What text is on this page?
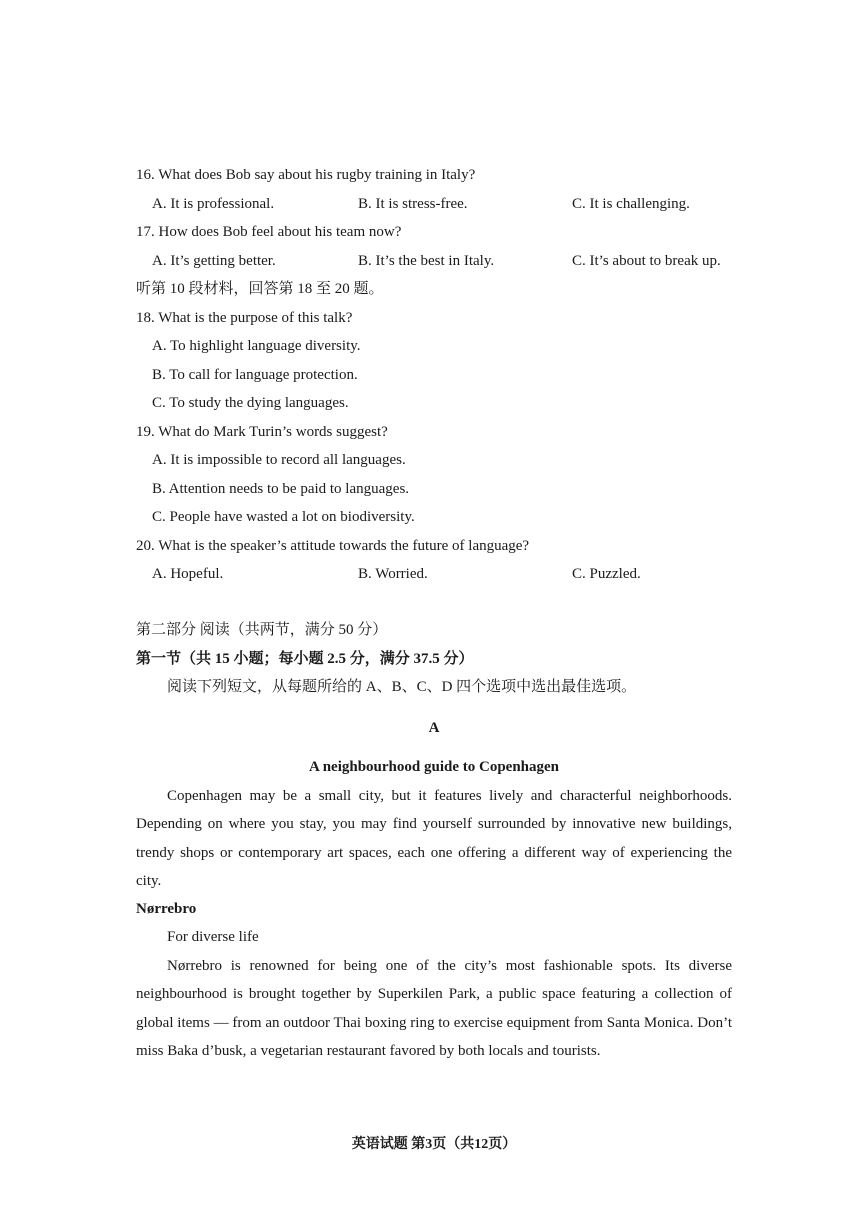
16. What does Bob say about his rugby training in Italy?
A. It is professional.	B. It is stress-free.	C. It is challenging.
17. How does Bob feel about his team now?
A. It’s getting better.	B. It’s the best in Italy.	C. It’s about to break up.
听第 10 段材料，回答第 18 至 20 题。
18. What is the purpose of this talk?
A. To highlight language diversity.
B. To call for language protection.
C. To study the dying languages.
19. What do Mark Turin’s words suggest?
A. It is impossible to record all languages.
B. Attention needs to be paid to languages.
C. People have wasted a lot on biodiversity.
20. What is the speaker’s attitude towards the future of language?
A. Hopeful.	B. Worried.	C. Puzzled.
第二部分 阅读（共两节，满分 50 分）
第一节（共 15 小题；每小题 2.5 分，满分 37.5 分）
阅读下列短文，从每题所给的 A、B、C、D 四个选项中选出最佳选项。
A
A neighbourhood guide to Copenhagen
Copenhagen may be a small city, but it features lively and characterful neighborhoods. Depending on where you stay, you may find yourself surrounded by innovative new buildings, trendy shops or contemporary art spaces, each one offering a different way of experiencing the city.
Nørrebro
For diverse life
Nørrebro is renowned for being one of the city’s most fashionable spots. Its diverse neighbourhood is brought together by Superkilen Park, a public space featuring a collection of global items — from an outdoor Thai boxing ring to exercise equipment from Santa Monica. Don’t miss Baka d’busk, a vegetarian restaurant favored by both locals and tourists.
英语试题 第3页（共12页）
